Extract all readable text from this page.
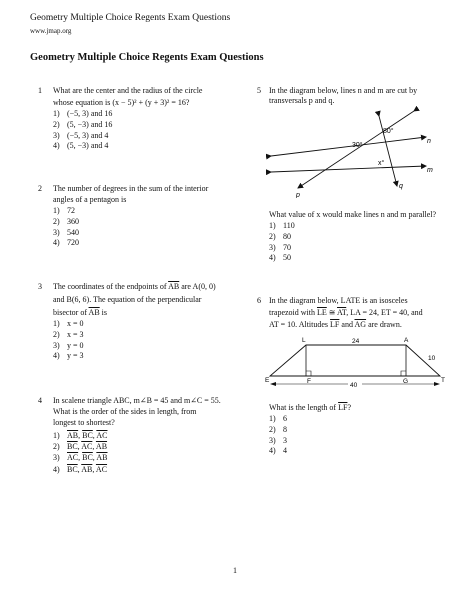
Geometry Multiple Choice Regents Exam Questions
www.jmap.org
Geometry Multiple Choice Regents Exam Questions
1 What are the center and the radius of the circle
whose equation is (x − 5)² + (y + 3)² = 16?
1) (−5, 3) and 16
2) (5, −3) and 16
3) (−5, 3) and 4
4) (5, −3) and 4
2 The number of degrees in the sum of the interior
angles of a pentagon is
1) 72
2) 360
3) 540
4) 720
3 The coordinates of the endpoints of $\overline{AB}$ are A(0, 0)
and B(6, 6). The equation of the perpendicular
bisector of $\overline{AB}$ is
1) x = 0
2) x = 3
3) y = 0
4) y = 3
4 In scalene triangle ABC, m∠B = 45 and m∠C = 55.
What is the order of the sides in length, from
longest to shortest?
1) $\overline{AB}$, $\overline{BC}$, $\overline{AC}$
2) $\overline{BC}$, $\overline{AC}$, $\overline{AB}$
3) $\overline{AC}$, $\overline{BC}$, $\overline{AB}$
4) $\overline{BC}$, $\overline{AB}$, $\overline{AC}$
5 In the diagram below, lines n and m are cut by
transversals p and q.
80°
30°
x°
n
m
p
q
What value of x would make lines n and m parallel?
1) 110
2) 80
3) 70
4) 50
6 In the diagram below, LATE is an isosceles
trapezoid with $\overline{LE}$ ≅ $\overline{AT}$, LA = 24, ET = 40, and
AT = 10. Altitudes $\overline{LF}$ and $\overline{AG}$ are drawn.
40
L	A
E	T
F	G
24
10
What is the length of $\overline{LF}$?
1) 6
2) 8
3) 3
4) 4
1
